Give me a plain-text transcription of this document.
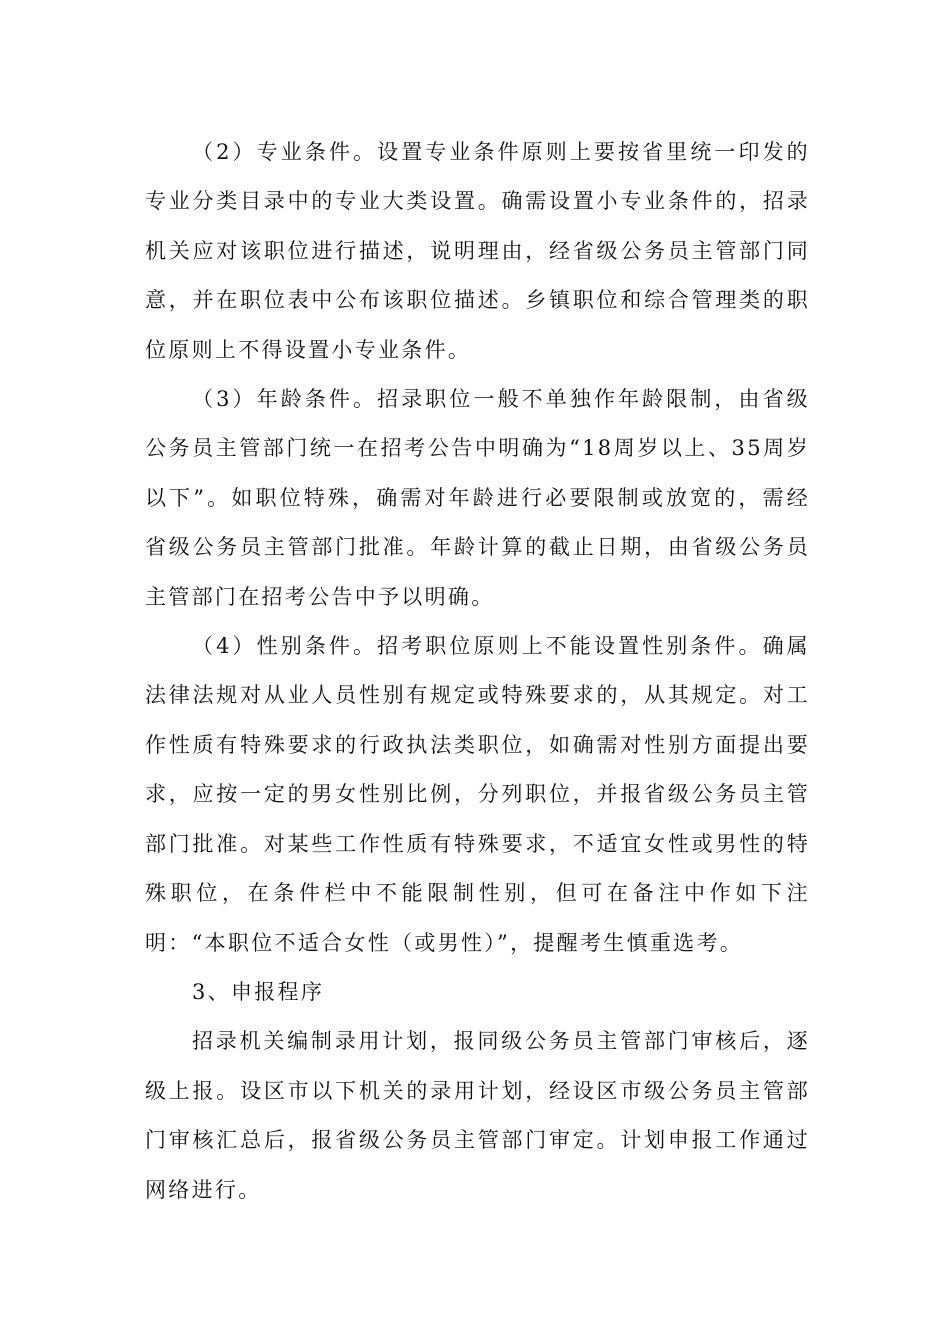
（2）专业条件。设置专业条件原则上要按省里统一印发的专业分类目录中的专业大类设置。确需设置小专业条件的，招录机关应对该职位进行描述，说明理由，经省级公务员主管部门同意，并在职位表中公布该职位描述。乡镇职位和综合管理类的职位原则上不得设置小专业条件。

（3）年龄条件。招录职位一般不单独作年龄限制，由省级公务员主管部门统一在招考公告中明确为“18周岁以上、35周岁以下”。如职位特殊，确需对年龄进行必要限制或放宽的，需经省级公务员主管部门批准。年龄计算的截止日期，由省级公务员主管部门在招考公告中予以明确。

（4）性别条件。招考职位原则上不能设置性别条件。确属法律法规对从业人员性别有规定或特殊要求的，从其规定。对工作性质有特殊要求的行政执法类职位，如确需对性别方面提出要求，应按一定的男女性别比例，分列职位，并报省级公务员主管部门批准。对某些工作性质有特殊要求，不适宜女性或男性的特殊职位，在条件栏中不能限制性别，但可在备注中作如下注明：“本职位不适合女性（或男性）”，提醒考生慎重选考。

3、申报程序

招录机关编制录用计划，报同级公务员主管部门审核后，逐级上报。设区市以下机关的录用计划，经设区市级公务员主管部门审核汇总后，报省级公务员主管部门审定。计划申报工作通过网络进行。
